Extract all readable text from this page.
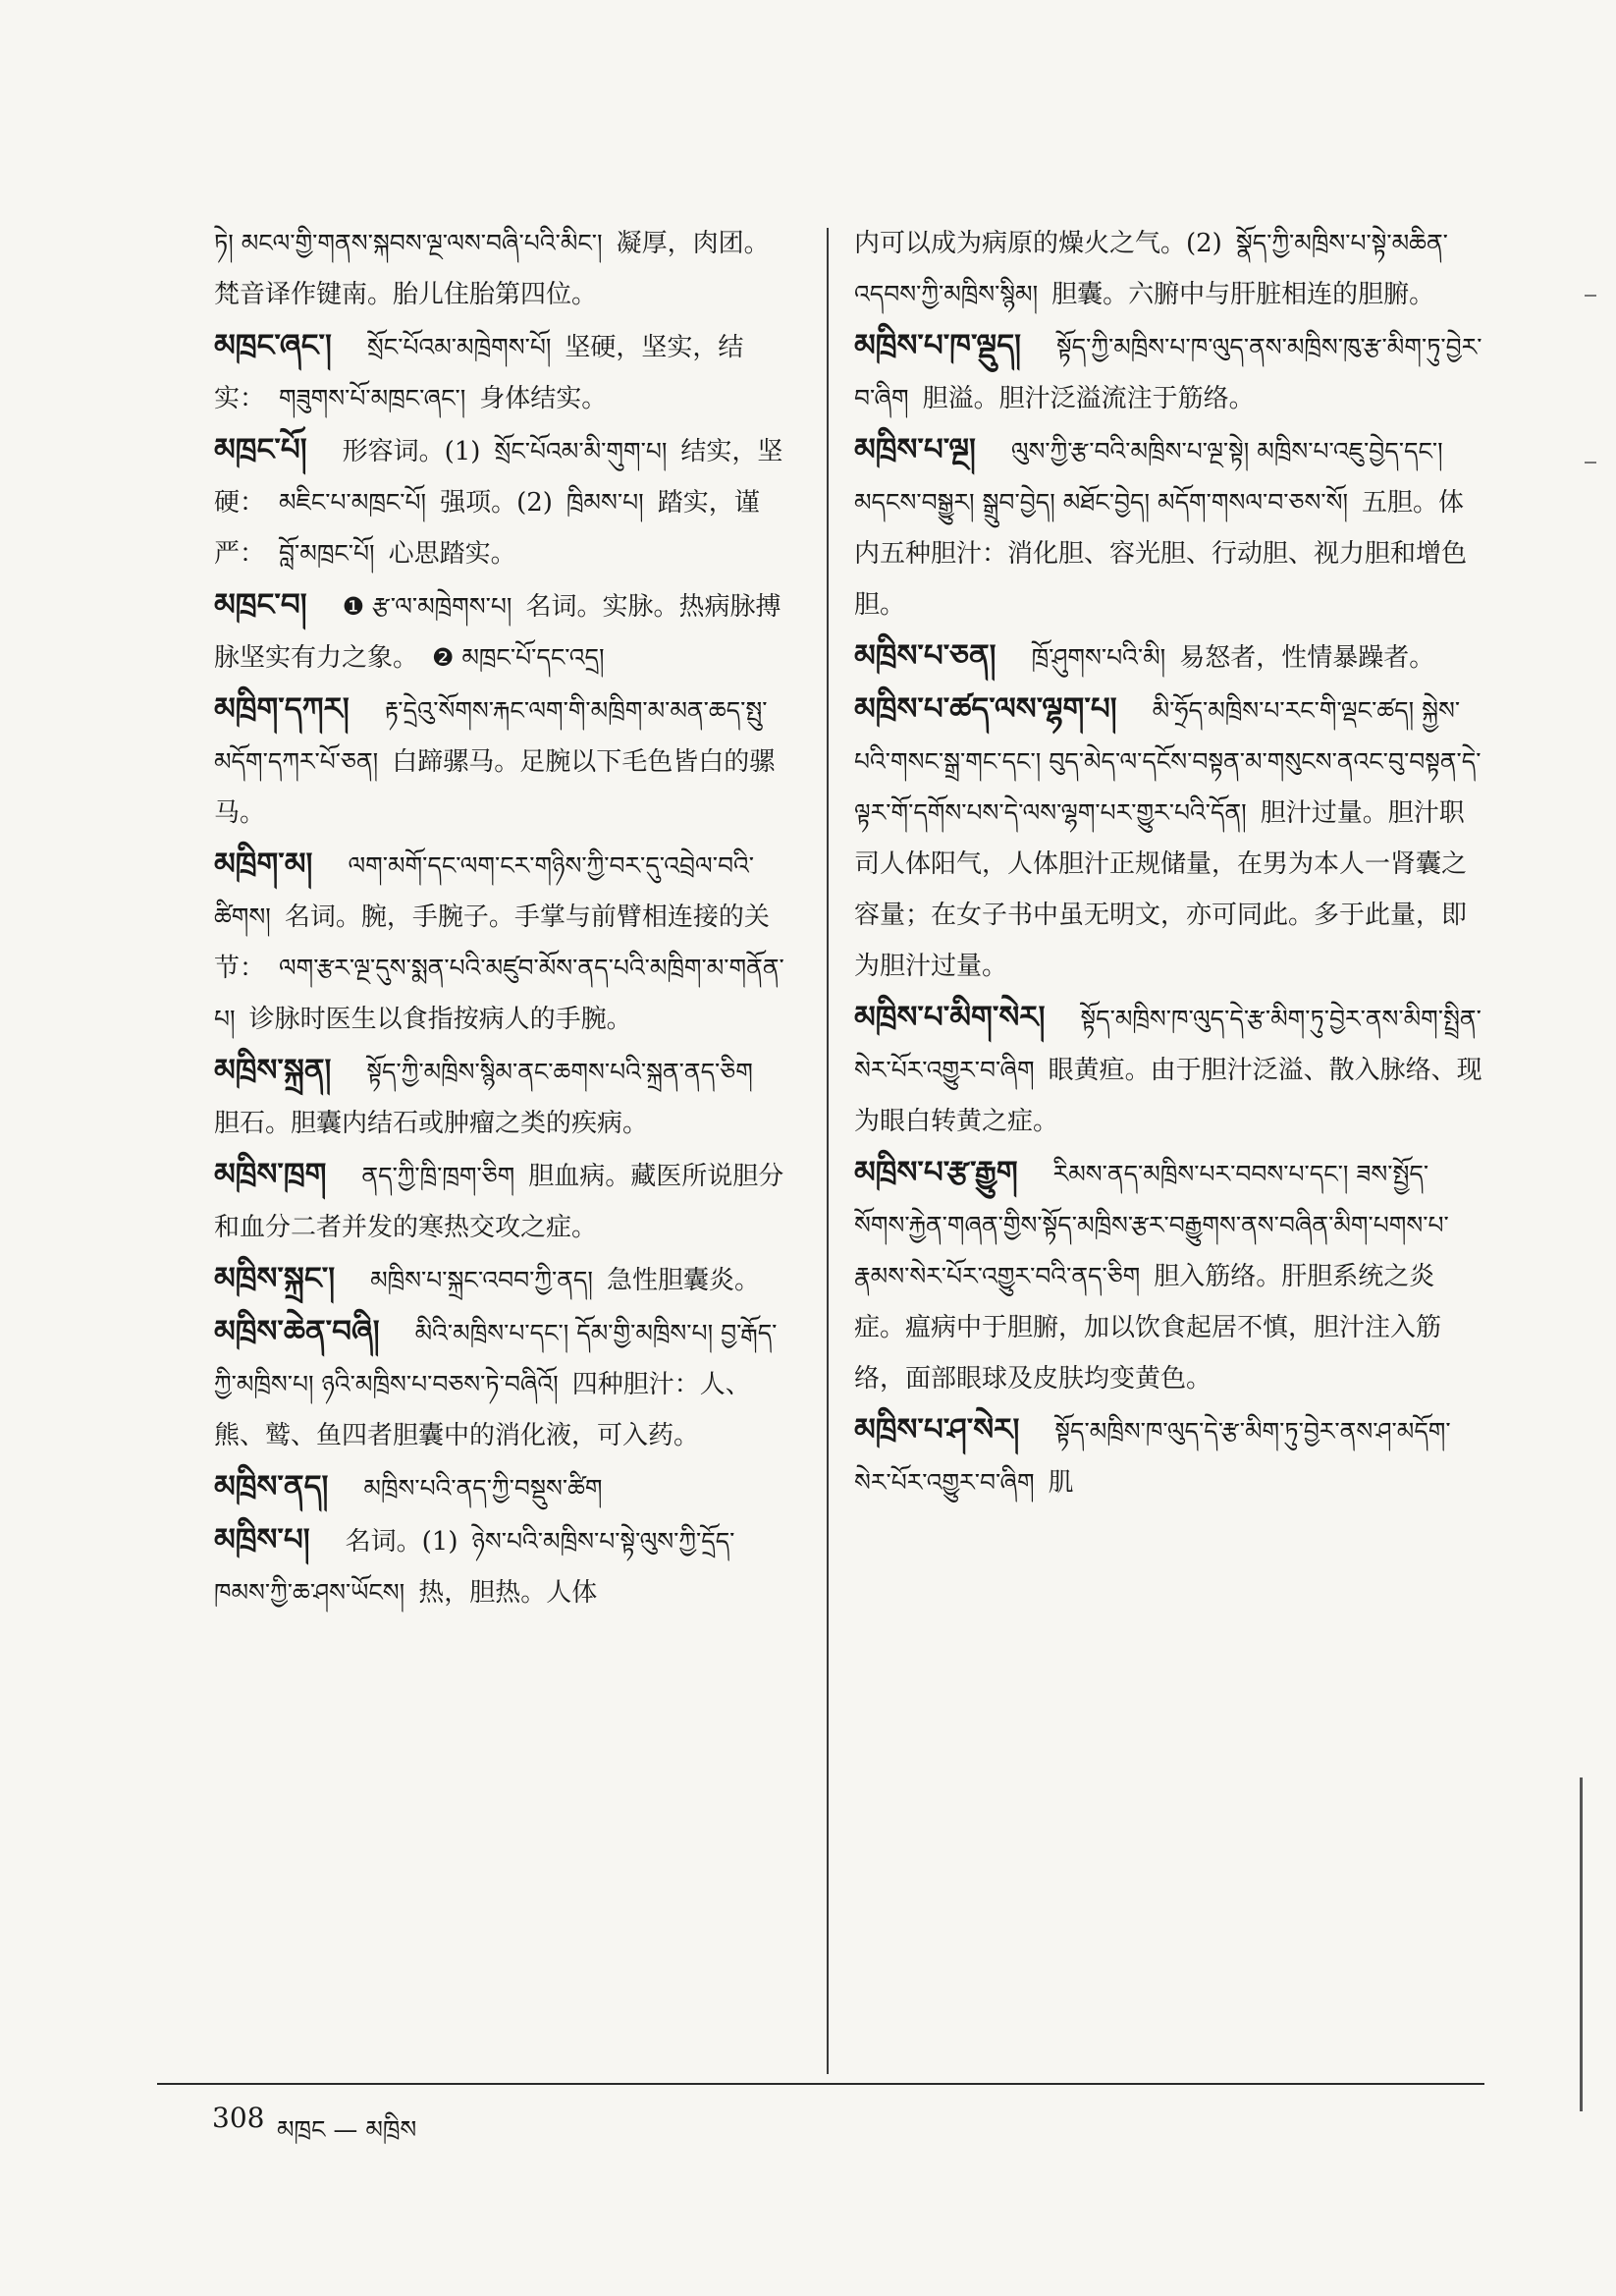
ཏེ། མངལ་གྱི་གནས་སྐབས་ལྔ་ལས་བཞི་པའི་མིང་། 凝厚，肉团。梵音译作键南。胎儿住胎第四位。

མཁྲང་ཞང་། སྲོང་པོའམ་མཁྲེགས་པོ། 坚硬，坚实，结实： གཟུགས་པོ་མཁྲང་ཞང་། 身体结实。

མཁྲང་པོ། 形容词。(1) སྲོང་པོའམ་མི་གུག་པ། 结实，坚硬： མཇིང་པ་མཁྲང་པོ། 强项。(2) ཁྲིམས་པ། 踏实，谨严： བློ་མཁྲང་པོ། 心思踏实。

མཁྲང་བ། ❶ རྩ་ལ་མཁྲེགས་པ། 名词。实脉。热病脉搏脉坚实有力之象。 ❷ མཁྲང་པོ་དང་འདྲ།

མཁྲིག་དཀར། རྟ་དྲེའུ་སོགས་རྐང་ལག་གི་མཁྲིག་མ་མན་ཆད་སྤུ་མདོག་དཀར་པོ་ཅན། 白蹄骡马。足腕以下毛色皆白的骡马。

མཁྲིག་མ། ལག་མགོ་དང་ལག་ངར་གཉིས་ཀྱི་བར་དུ་འབྲེལ་བའི་ཚིགས། 名词。腕，手腕子。手掌与前臂相连接的关节： ལག་རྩར་ལྔ་དུས་སྨན་པའི་མཛུབ་མོས་ནད་པའི་མཁྲིག་མ་གནོན་པ། 诊脉时医生以食指按病人的手腕。

མཁྲིས་སྐྲན། སྟོད་ཀྱི་མཁྲིས་སྙིམ་ནང་ཆགས་པའི་སྐྲན་ནད་ཅིག胆石。胆囊内结石或肿瘤之类的疾病。

མཁྲིས་ཁྲག ནད་ཀྱི་ཁྲི་ཁྲག་ཅིག 胆血病。藏医所说胆分和血分二者并发的寒热交攻之症。

མཁྲིས་སྐྲང་། མཁྲིས་པ་སྐྲང་འབབ་ཀྱི་ནད། 急性胆囊炎。

མཁྲིས་ཆེན་བཞི། མིའི་མཁྲིས་པ་དང་། དོམ་གྱི་མཁྲིས་པ། བྱ་རྒོད་ཀྱི་མཁྲིས་པ། ཉའི་མཁྲིས་པ་བཅས་ཏེ་བཞིའོ། 四种胆汁：人、熊、鹫、鱼四者胆囊中的消化液，可入药。

མཁྲིས་ནད། མཁྲིས་པའི་ནད་ཀྱི་བསྡུས་ཚིག

མཁྲིས་པ། 名词。(1) ཉེས་པའི་མཁྲིས་པ་སྟེ་ལུས་ཀྱི་དྲོད་ཁམས་ཀྱི་ཆ་ཤས་ཡོངས། 热，胆热。人体

内可以成为病原的燥火之气。(2) སྣོད་ཀྱི་མཁྲིས་པ་སྟེ་མཆིན་འདབས་ཀྱི་མཁྲིས་སྙིམ། 胆囊。六腑中与肝脏相连的胆腑。

མཁྲིས་པ་ཁ་ལྡུད། སྟོད་ཀྱི་མཁྲིས་པ་ཁ་ལུད་ནས་མཁྲིས་ཁུ་རྩ་མིག་ཏུ་བྱེར་བ་ཞིག 胆溢。胆汁泛溢流注于筋络。

མཁྲིས་པ་ལྔ། ལུས་ཀྱི་རྩ་བའི་མཁྲིས་པ་ལྔ་སྟེ། མཁྲིས་པ་འཇུ་བྱེད་དང་། མདངས་བསྒྱུར། སྒྲུབ་བྱེད། མཐོང་བྱེད། མདོག་གསལ་བ་ཅས་སོ། 五胆。体内五种胆汁：消化胆、容光胆、行动胆、视力胆和增色胆。

མཁྲིས་པ་ཅན། ཁྲོ་ཤུགས་པའི་མི། 易怒者，性情暴躁者。

མཁྲིས་པ་ཚད་ལས་ལྷག་པ། མི་ཧྲོད་མཁྲིས་པ་རང་གི་ལྡང་ཚད། སྐྱེས་པའི་གསང་སྒྲ་གང་དང་། བུད་མེད་ལ་དངོས་བསྟན་མ་གསུངས་ནའང་བུ་བསྟན་དེ་ལྟར་གོ་དགོས་པས་དེ་ལས་ལྷག་པར་གྱུར་པའི་དོན། 胆汁过量。胆汁职司人体阳气，人体胆汁正规储量，在男为本人一肾囊之容量；在女子书中虽无明文，亦可同此。多于此量，即为胆汁过量。

མཁྲིས་པ་མིག་སེར། སྟོད་མཁྲིས་ཁ་ལུད་དེ་རྩ་མིག་ཏུ་བྱེར་ནས་མིག་སྤྲིན་སེར་པོར་འགྱུར་བ་ཞིག 眼黄疸。由于胆汁泛溢、散入脉络、现为眼白转黄之症。

མཁྲིས་པ་རྩ་རྒྱུག རིམས་ནད་མཁྲིས་པར་བབས་པ་དང་། ཟས་སྤྱོད་སོགས་རྐྱེན་གཞན་གྱིས་སྟོད་མཁྲིས་རྩར་བརྒྱུགས་ནས་བཞིན་མིག་པགས་པ་རྣམས་སེར་པོར་འགྱུར་བའི་ནད་ཅིག 胆入筋络。肝胆系统之炎症。瘟病中于胆腑，加以饮食起居不慎，胆汁注入筋络，面部眼球及皮肤均变黄色。

མཁྲིས་པ་ཤ་སེར། སྟོད་མཁྲིས་ཁ་ལུད་དེ་རྩ་མིག་ཏུ་བྱེར་ནས་ཤ་མདོག་སེར་པོར་འགྱུར་བ་ཞིག 肌

308 མཁྲང — མཁྲིས
